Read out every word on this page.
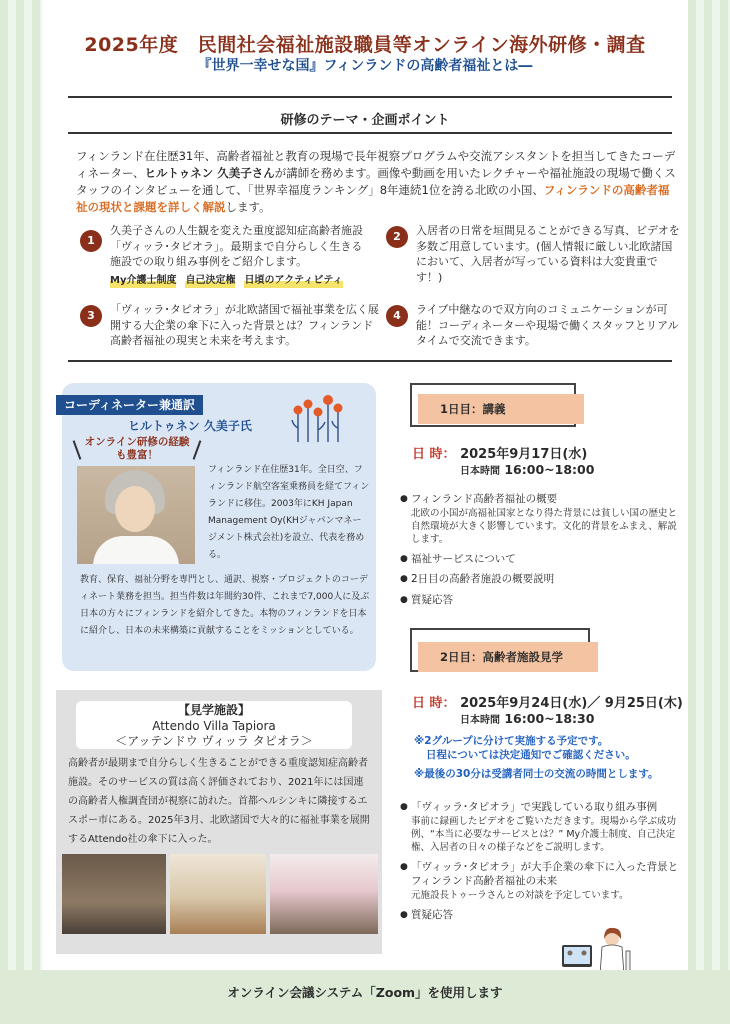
2025年度　民間社会福祉施設職員等オンライン海外研修・調査
『世界一幸せな国』フィンランドの高齢者福祉とは―
研修のテーマ・企画ポイント
フィンランド在住歴31年、高齢者福祉と教育の現場で長年視察プログラムや交流アシスタントを担当してきたコーディネーター、ヒルトゥネン 久美子さんが講師を務めます。画像や動画を用いたレクチャーや福祉施設の現場で働くスタッフのインタビューを通して、「世界幸福度ランキング」8年連続1位を誇る北欧の小国、フィンランドの高齢者福祉の現状と課題を詳しく解説します。
1
久美子さんの人生観を変えた重度認知症高齢者施設「ヴィッラ･タピオラ」。最期まで自分らしく生きる施設での取り組み事例をご紹介します。
My介護士制度 自己決定権 日頃のアクティビティ
2	入居者の日常を垣間見ることができる写真、ビデオを多数ご用意しています。(個人情報に厳しい北欧諸国において、入居者が写っている資料は大変貴重です！)
3	「ヴィッラ･タピオラ」が北欧諸国で福祉事業を広く展開する大企業の傘下に入った背景とは？フィンランド高齢者福祉の現実と未来を考えます。
4	ライブ中継なので双方向のコミュニケーションが可能！コーディネーターや現場で働くスタッフとリアルタイムで交流できます。
コーディネーター兼通訳
ヒルトゥネン 久美子氏
オンライン研修の経験も豊富！
フィンランド在住歴31年。全日空、フィンランド航空客室乗務員を経てフィンランドに移住。2003年にKH Japan Management Oy(KHジャパンマネージメント株式会社)を設立、代表を務める。
教育、保育、福祉分野を専門とし、通訳、視察・プロジェクトのコーディネート業務を担当。担当件数は年間約30件、これまで7,000人に及ぶ日本の方々にフィンランドを紹介してきた。本物のフィンランドを日本に紹介し、日本の未来構築に貢献することをミッションとしている。
【見学施設】
Attendo Villa Tapiora
＜アッテンドウ ヴィッラ タピオラ＞
高齢者が最期まで自分らしく生きることができる重度認知症高齢者施設。そのサービスの質は高く評価されており、2021年には国連の高齢者人権調査団が視察に訪れた。首都ヘルシンキに隣接するエスポー市にある。2025年3月、北欧諸国で大々的に福祉事業を展開するAttendo社の傘下に入った。
1日目：講義
日 時： 2025年9月17日(水)
日本時間 16:00~18:00
● フィンランド高齢者福祉の概要
北欧の小国が高福祉国家となり得た背景には貧しい国の歴史と自然環境が大きく影響しています。文化的背景をふまえ、解説します。
● 福祉サービスについて
● 2日目の高齢者施設の概要説明
● 質疑応答
2日目：高齢者施設見学
日 時： 2025年9月24日(水)／ 9月25日(木)
日本時間 16:00~18:30
※2グループに分けて実施する予定です。
日程については決定通知でご確認ください。
※最後の30分は受講者同士の交流の時間とします。
● 「ヴィッラ･タピオラ」で実践している取り組み事例
事前に録画したビデオをご覧いただきます。現場から学ぶ成功例、“本当に必要なサービスとは？” My介護士制度、自己決定権、入居者の日々の様子などをご説明します。
● 「ヴィッラ･タピオラ」が大手企業の傘下に入った背景とフィンランド高齢者福祉の未来
元施設長トゥーラさんとの対談を予定しています。
● 質疑応答
オンライン会議システム「Zoom」を使用します
